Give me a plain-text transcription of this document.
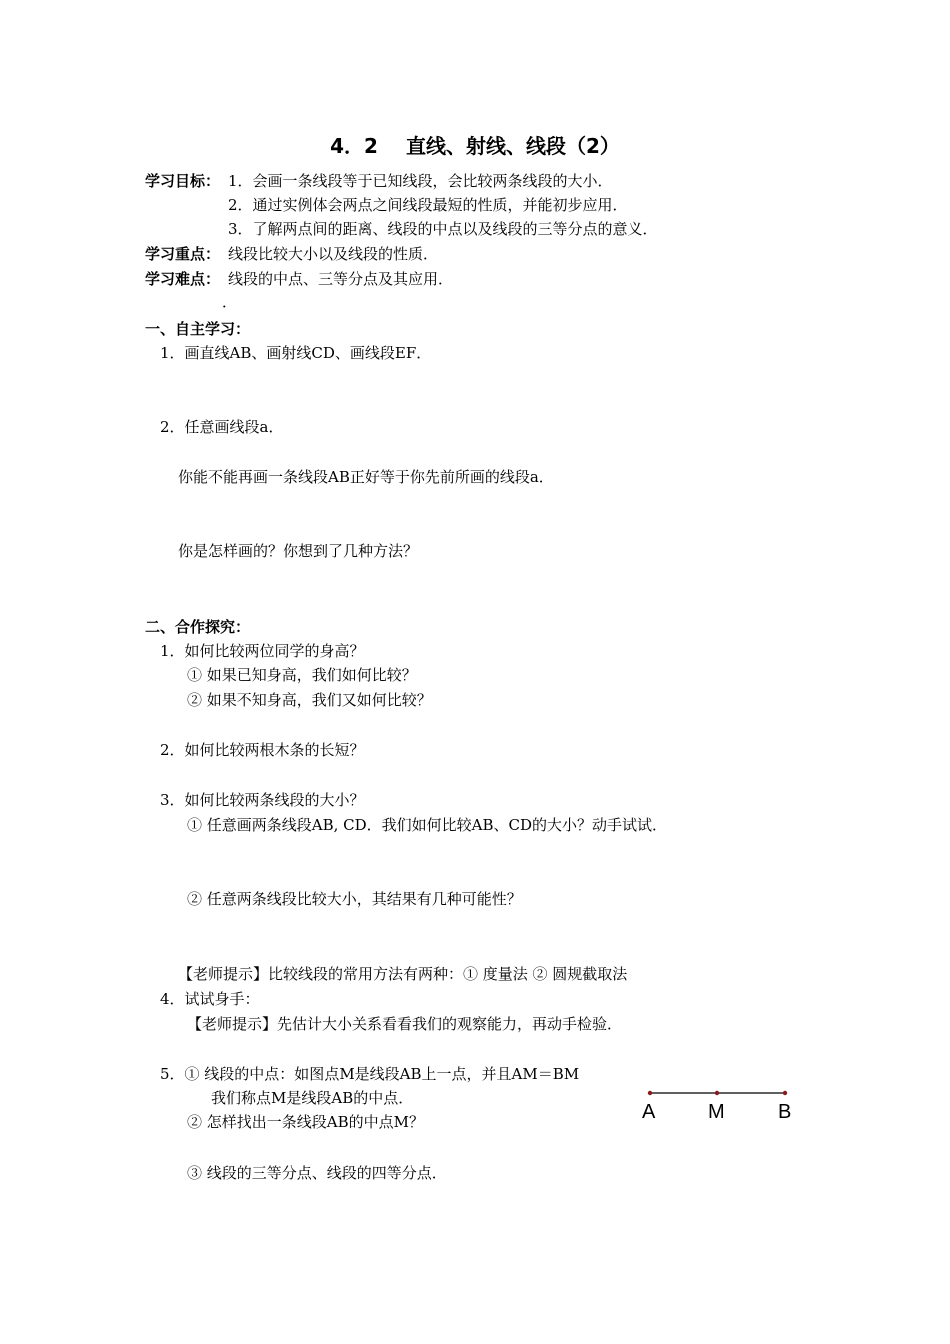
4．2 直线、射线、线段（2）
学习目标： 1．会画一条线段等于已知线段，会比较两条线段的大小．
2．通过实例体会两点之间线段最短的性质，并能初步应用．
3．了解两点间的距离、线段的中点以及线段的三等分点的意义．
学习重点： 线段比较大小以及线段的性质．
学习难点： 线段的中点、三等分点及其应用．
．
一、自主学习：
1．画直线AB、画射线CD、画线段EF．
2．任意画线段a．
你能不能再画一条线段AB正好等于你先前所画的线段a．
你是怎样画的？你想到了几种方法？
二、合作探究：
1．如何比较两位同学的身高？
① 如果已知身高，我们如何比较？
② 如果不知身高，我们又如何比较？
2．如何比较两根木条的长短？
3．如何比较两条线段的大小？
① 任意画两条线段AB, CD．我们如何比较AB、CD的大小？动手试试．
② 任意两条线段比较大小，其结果有几种可能性？
【老师提示】比较线段的常用方法有两种：① 度量法 ② 圆规截取法
4．试试身手：
【老师提示】先估计大小关系看看我们的观察能力，再动手检验．
5．① 线段的中点：如图点M是线段AB上一点，并且AM＝BM
我们称点M是线段AB的中点．
② 怎样找出一条线段AB的中点M？
③ 线段的三等分点、线段的四等分点．
A	M	B
